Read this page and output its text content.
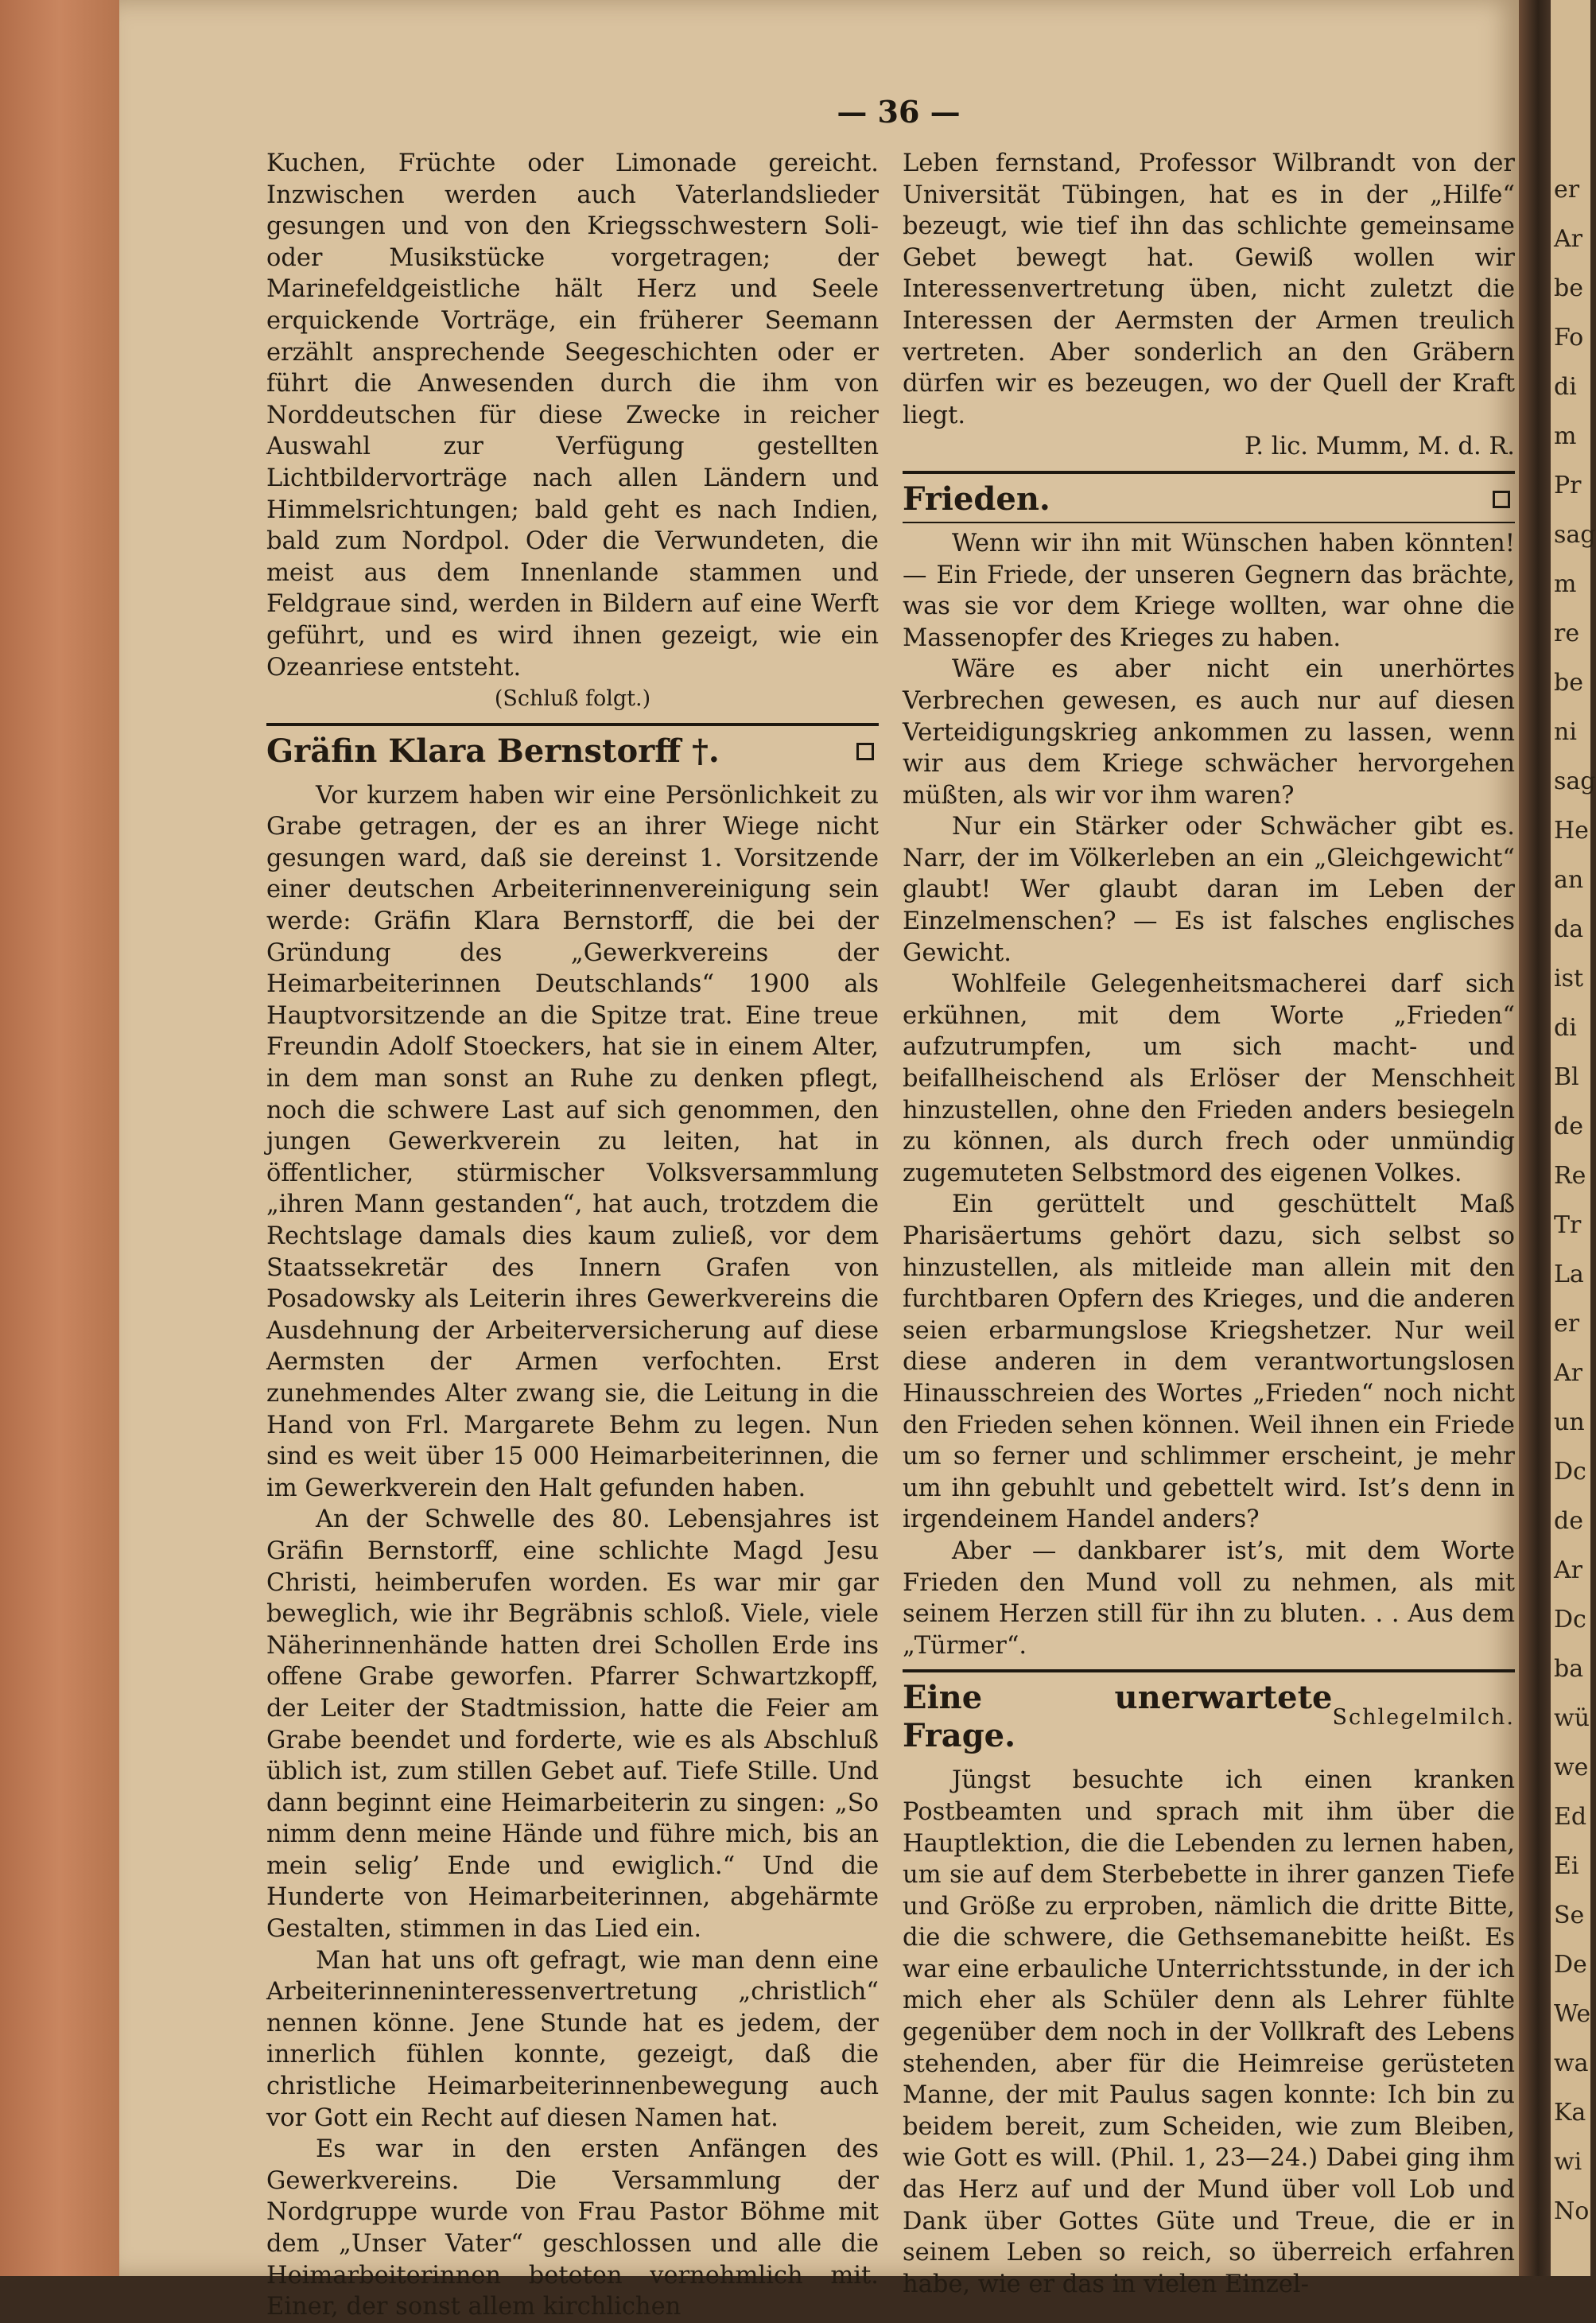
er
Ar
be
Fo
di
m
Pr
sag
m
re
be
ni
sag
He
an
da
ist
di
Bl
de
Re
Tr
La
er
Ar
un
Dc
de
Ar
Dc
ba
wü
we
Ed
Ei
Se
De
We
wa
Ka
wi
No
— 36 —

Kuchen, Früchte oder Limonade gereicht. Inzwischen werden auch Vaterlandslieder gesungen und von den Kriegsschwestern Soli- oder Musikstücke vorgetragen; der Marinefeldgeistliche hält Herz und Seele erquickende Vorträge, ein früherer Seemann erzählt ansprechende Seegeschichten oder er führt die Anwesenden durch die ihm von Norddeutschen für diese Zwecke in reicher Auswahl zur Verfügung gestellten Lichtbildervorträge nach allen Ländern und Himmelsrichtungen; bald geht es nach Indien, bald zum Nordpol. Oder die Verwundeten, die meist aus dem Innenlande stammen und Feldgraue sind, werden in Bildern auf eine Werft geführt, und es wird ihnen gezeigt, wie ein Ozeanriese entsteht.

(Schluß folgt.)

Gräfin Klara Bernstorff †.

Vor kurzem haben wir eine Persönlichkeit zu Grabe getragen, der es an ihrer Wiege nicht gesungen ward, daß sie dereinst 1. Vorsitzende einer deutschen Arbeiterinnenvereinigung sein werde: Gräfin Klara Bernstorff, die bei der Gründung des „Gewerkvereins der Heimarbeiterinnen Deutschlands“ 1900 als Hauptvorsitzende an die Spitze trat. Eine treue Freundin Adolf Stoeckers, hat sie in einem Alter, in dem man sonst an Ruhe zu denken pflegt, noch die schwere Last auf sich genommen, den jungen Gewerkverein zu leiten, hat in öffentlicher, stürmischer Volksversammlung „ihren Mann gestanden“, hat auch, trotzdem die Rechtslage damals dies kaum zuließ, vor dem Staatssekretär des Innern Grafen von Posadowsky als Leiterin ihres Gewerkvereins die Ausdehnung der Arbeiterversicherung auf diese Aermsten der Armen verfochten. Erst zunehmendes Alter zwang sie, die Leitung in die Hand von Frl. Margarete Behm zu legen. Nun sind es weit über 15 000 Heimarbeiterinnen, die im Gewerkverein den Halt gefunden haben.

An der Schwelle des 80. Lebensjahres ist Gräfin Bernstorff, eine schlichte Magd Jesu Christi, heimberufen worden. Es war mir gar beweglich, wie ihr Begräbnis schloß. Viele, viele Näherinnenhände hatten drei Schollen Erde ins offene Grabe geworfen. Pfarrer Schwartzkopff, der Leiter der Stadtmission, hatte die Feier am Grabe beendet und forderte, wie es als Abschluß üblich ist, zum stillen Gebet auf. Tiefe Stille. Und dann beginnt eine Heimarbeiterin zu singen: „So nimm denn meine Hände und führe mich, bis an mein selig’ Ende und ewiglich.“ Und die Hunderte von Heimarbeiterinnen, abgehärmte Gestalten, stimmen in das Lied ein.

Man hat uns oft gefragt, wie man denn eine Arbeiterinneninteressenvertretung „christlich“ nennen könne. Jene Stunde hat es jedem, der innerlich fühlen konnte, gezeigt, daß die christliche Heimarbeiterinnenbewegung auch vor Gott ein Recht auf diesen Namen hat.

Es war in den ersten Anfängen des Gewerkvereins. Die Versammlung der Nordgruppe wurde von Frau Pastor Böhme mit dem „Unser Vater“ geschlossen und alle die Heimarbeiterinnen beteten vernehmlich mit. Einer, der sonst allem kirchlichen

Leben fernstand, Professor Wilbrandt von der Universität Tübingen, hat es in der „Hilfe“ bezeugt, wie tief ihn das schlichte gemeinsame Gebet bewegt hat. Gewiß wollen wir Interessenvertretung üben, nicht zuletzt die Interessen der Aermsten der Armen treulich vertreten. Aber sonderlich an den Gräbern dürfen wir es bezeugen, wo der Quell der Kraft liegt.

P. lic. Mumm, M. d. R.

Frieden.

Wenn wir ihn mit Wünschen haben könnten! — Ein Friede, der unseren Gegnern das brächte, was sie vor dem Kriege wollten, war ohne die Massenopfer des Krieges zu haben.

Wäre es aber nicht ein unerhörtes Verbrechen gewesen, es auch nur auf diesen Verteidigungskrieg ankommen zu lassen, wenn wir aus dem Kriege schwächer hervorgehen müßten, als wir vor ihm waren?

Nur ein Stärker oder Schwächer gibt es. Narr, der im Völkerleben an ein „Gleichgewicht“ glaubt! Wer glaubt daran im Leben der Einzelmenschen? — Es ist falsches englisches Gewicht.

Wohlfeile Gelegenheitsmacherei darf sich erkühnen, mit dem Worte „Frieden“ aufzutrumpfen, um sich macht- und beifallheischend als Erlöser der Menschheit hinzustellen, ohne den Frieden anders besiegeln zu können, als durch frech oder unmündig zugemuteten Selbstmord des eigenen Volkes.

Ein gerüttelt und geschüttelt Maß Pharisäertums gehört dazu, sich selbst so hinzustellen, als mitleide man allein mit den furchtbaren Opfern des Krieges, und die anderen seien erbarmungslose Kriegshetzer. Nur weil diese anderen in dem verantwortungslosen Hinausschreien des Wortes „Frieden“ noch nicht den Frieden sehen können. Weil ihnen ein Friede um so ferner und schlimmer erscheint, je mehr um ihn gebuhlt und gebettelt wird. Ist’s denn in irgendeinem Handel anders?

Aber — dankbarer ist’s, mit dem Worte Frieden den Mund voll zu nehmen, als mit seinem Herzen still für ihn zu bluten. . . Aus dem „Türmer“.

Eine unerwartete Frage.
Schlegelmilch.

Jüngst besuchte ich einen kranken Postbeamten und sprach mit ihm über die Hauptlektion, die die Lebenden zu lernen haben, um sie auf dem Sterbebette in ihrer ganzen Tiefe und Größe zu erproben, nämlich die dritte Bitte, die die schwere, die Gethsemanebitte heißt. Es war eine erbauliche Unterrichtsstunde, in der ich mich eher als Schüler denn als Lehrer fühlte gegenüber dem noch in der Vollkraft des Lebens stehenden, aber für die Heimreise gerüsteten Manne, der mit Paulus sagen konnte: Ich bin zu beidem bereit, zum Scheiden, wie zum Bleiben, wie Gott es will. (Phil. 1, 23—24.) Dabei ging ihm das Herz auf und der Mund über voll Lob und Dank über Gottes Güte und Treue, die er in seinem Leben so reich, so überreich erfahren habe, wie er das in vielen Einzel-
